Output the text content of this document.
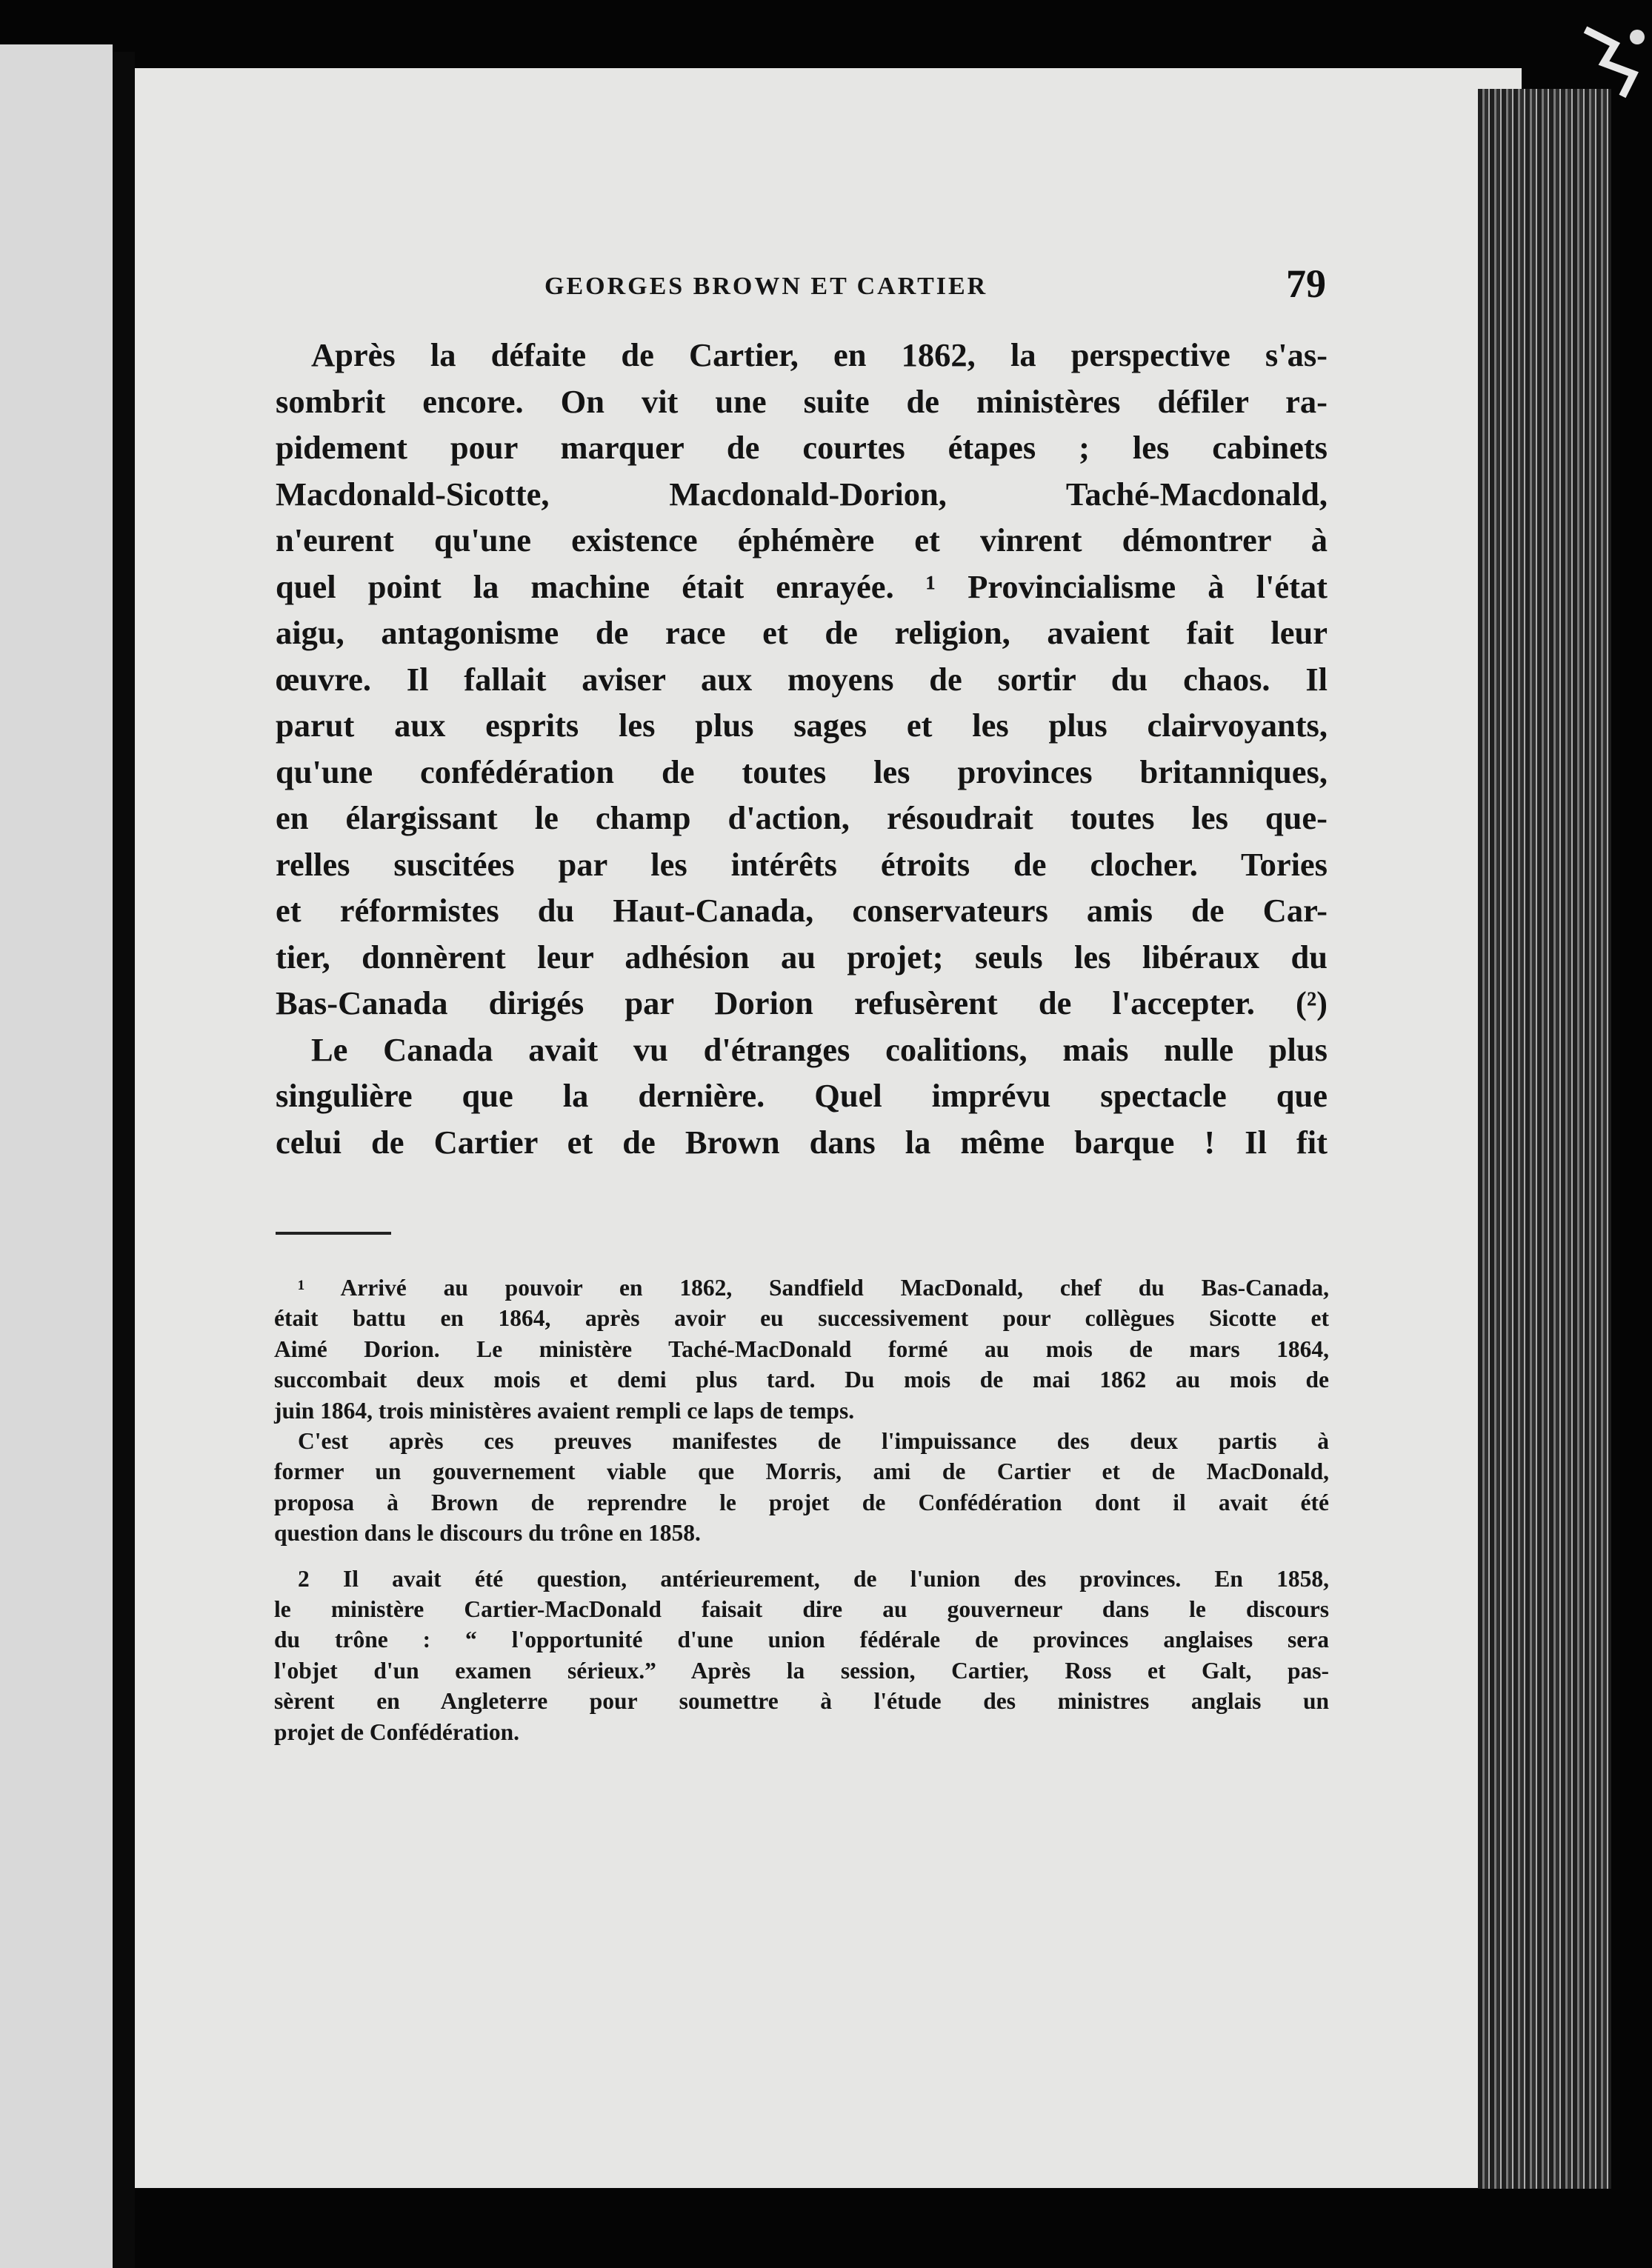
GEORGES BROWN ET CARTIER	79
Après la défaite de Cartier, en 1862, la perspective s'as-
sombrit encore. On vit une suite de ministères défiler ra-
pidement pour marquer de courtes étapes ; les cabinets
Macdonald-Sicotte, Macdonald-Dorion, Taché-Macdonald,
n'eurent qu'une existence éphémère et vinrent démontrer à
quel point la machine était enrayée. ¹ Provincialisme à l'état
aigu, antagonisme de race et de religion, avaient fait leur
œuvre. Il fallait aviser aux moyens de sortir du chaos. Il
parut aux esprits les plus sages et les plus clairvoyants,
qu'une confédération de toutes les provinces britanniques,
en élargissant le champ d'action, résoudrait toutes les que-
relles suscitées par les intérêts étroits de clocher. Tories
et réformistes du Haut-Canada, conservateurs amis de Car-
tier, donnèrent leur adhésion au projet; seuls les libéraux du
Bas-Canada dirigés par Dorion refusèrent de l'accepter. (²)
Le Canada avait vu d'étranges coalitions, mais nulle plus
singulière que la dernière. Quel imprévu spectacle que
celui de Cartier et de Brown dans la même barque ! Il fit
¹ Arrivé au pouvoir en 1862, Sandfield MacDonald, chef du Bas-Canada,
était battu en 1864, après avoir eu successivement pour collègues Sicotte et
Aimé Dorion. Le ministère Taché-MacDonald formé au mois de mars 1864,
succombait deux mois et demi plus tard. Du mois de mai 1862 au mois de
juin 1864, trois ministères avaient rempli ce laps de temps.
C'est après ces preuves manifestes de l'impuissance des deux partis à
former un gouvernement viable que Morris, ami de Cartier et de MacDonald,
proposa à Brown de reprendre le projet de Confédération dont il avait été
question dans le discours du trône en 1858.
2 Il avait été question, antérieurement, de l'union des provinces. En 1858,
le ministère Cartier-MacDonald faisait dire au gouverneur dans le discours
du trône : “ l'opportunité d'une union fédérale de provinces anglaises sera
l'objet d'un examen sérieux.” Après la session, Cartier, Ross et Galt, pas-
sèrent en Angleterre pour soumettre à l'étude des ministres anglais un
projet de Confédération.
